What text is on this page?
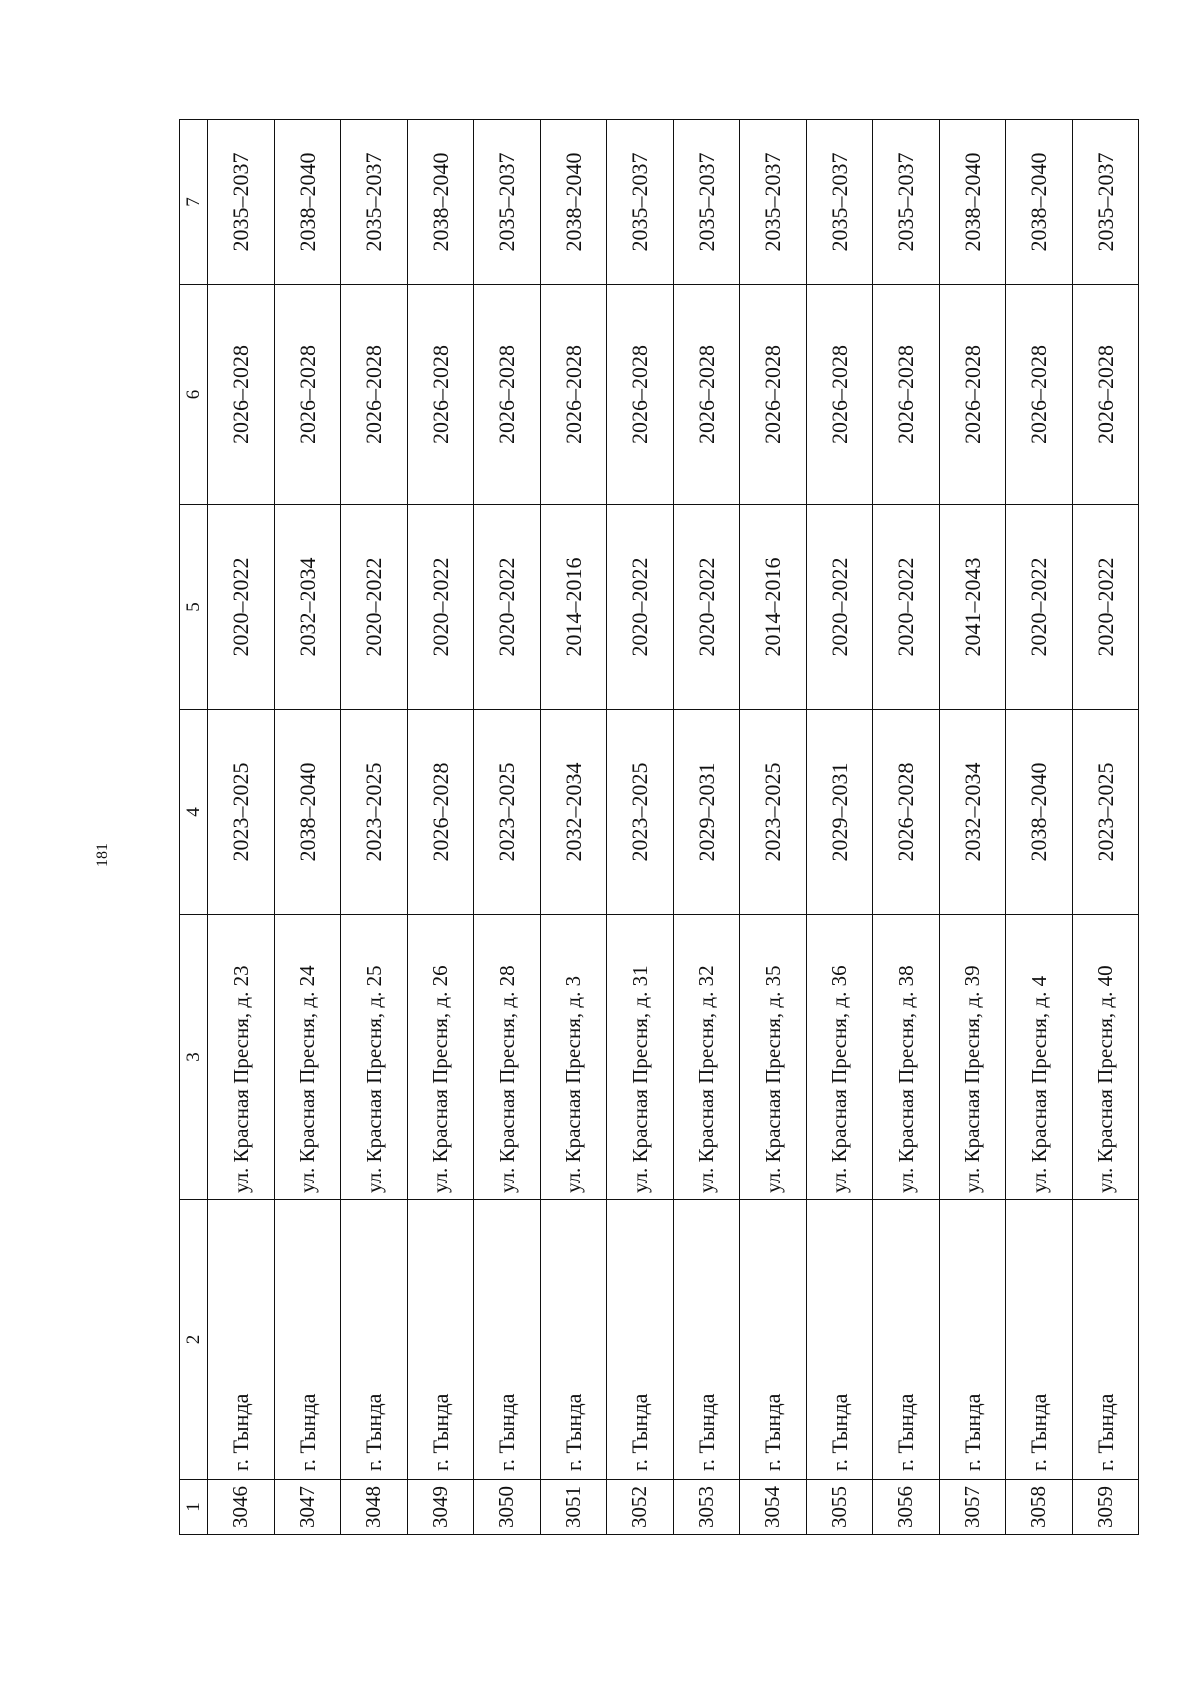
181
1	2	3	4	5	6	7
3046	г. Тында	ул. Красная Пресня, д. 23	2023–2025	2020–2022	2026–2028	2035–2037
3047	г. Тында	ул. Красная Пресня, д. 24	2038–2040	2032–2034	2026–2028	2038–2040
3048	г. Тында	ул. Красная Пресня, д. 25	2023–2025	2020–2022	2026–2028	2035–2037
3049	г. Тында	ул. Красная Пресня, д. 26	2026–2028	2020–2022	2026–2028	2038–2040
3050	г. Тында	ул. Красная Пресня, д. 28	2023–2025	2020–2022	2026–2028	2035–2037
3051	г. Тында	ул. Красная Пресня, д. 3	2032–2034	2014–2016	2026–2028	2038–2040
3052	г. Тында	ул. Красная Пресня, д. 31	2023–2025	2020–2022	2026–2028	2035–2037
3053	г. Тында	ул. Красная Пресня, д. 32	2029–2031	2020–2022	2026–2028	2035–2037
3054	г. Тында	ул. Красная Пресня, д. 35	2023–2025	2014–2016	2026–2028	2035–2037
3055	г. Тында	ул. Красная Пресня, д. 36	2029–2031	2020–2022	2026–2028	2035–2037
3056	г. Тында	ул. Красная Пресня, д. 38	2026–2028	2020–2022	2026–2028	2035–2037
3057	г. Тында	ул. Красная Пресня, д. 39	2032–2034	2041–2043	2026–2028	2038–2040
3058	г. Тында	ул. Красная Пресня, д. 4	2038–2040	2020–2022	2026–2028	2038–2040
3059	г. Тында	ул. Красная Пресня, д. 40	2023–2025	2020–2022	2026–2028	2035–2037
